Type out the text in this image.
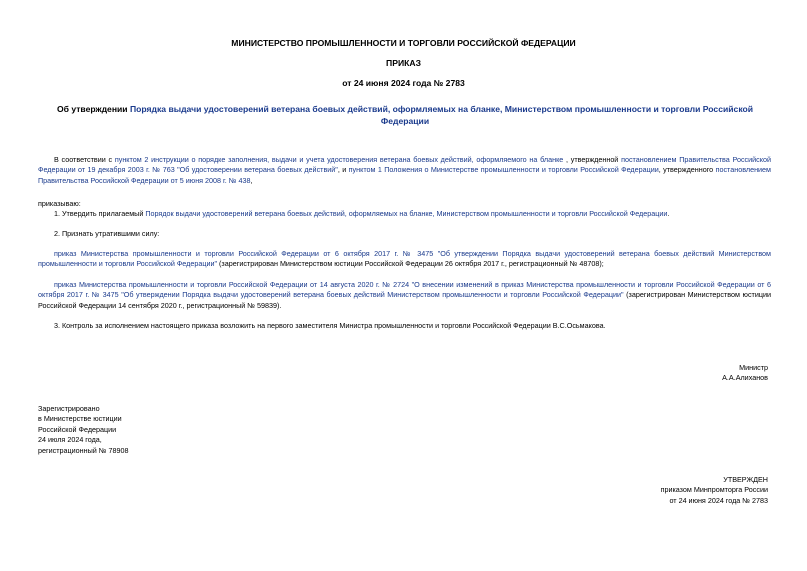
МИНИСТЕРСТВО ПРОМЫШЛЕННОСТИ И ТОРГОВЛИ РОССИЙСКОЙ ФЕДЕРАЦИИ
ПРИКАЗ
от 24 июня 2024 года № 2783
Об утверждении Порядка выдачи удостоверений ветерана боевых действий, оформляемых на бланке, Министерством промышленности и торговли Российской Федерации
В соответствии с пунктом 2 инструкции о порядке заполнения, выдачи и учета удостоверения ветерана боевых действий, оформляемого на бланке , утвержденной постановлением Правительства Российской Федерации от 19 декабря 2003 г. № 763 "Об удостоверении ветерана боевых действий", и пунктом 1 Положения о Министерстве промышленности и торговли Российской Федерации, утвержденного постановлением Правительства Российской Федерации от 5 июня 2008 г. № 438,
приказываю:
1. Утвердить прилагаемый Порядок выдачи удостоверений ветерана боевых действий, оформляемых на бланке, Министерством промышленности и торговли Российской Федерации.
2. Признать утратившими силу:
приказ Министерства промышленности и торговли Российской Федерации от 6 октября 2017 г. № 3475 "Об утверждении Порядка выдачи удостоверений ветерана боевых действий Министерством промышленности и торговли Российской Федерации" (зарегистрирован Министерством юстиции Российской Федерации 26 октября 2017 г., регистрационный № 48708);
приказ Министерства промышленности и торговли Российской Федерации от 14 августа 2020 г. № 2724 "О внесении изменений в приказ Министерства промышленности и торговли Российской Федерации от 6 октября 2017 г. № 3475 "Об утверждении Порядка выдачи удостоверений ветерана боевых действий Министерством промышленности и торговли Российской Федерации" (зарегистрирован Министерством юстиции Российской Федерации 14 сентября 2020 г., регистрационный № 59839).
3. Контроль за исполнением настоящего приказа возложить на первого заместителя Министра промышленности и торговли Российской Федерации В.С.Осьмакова.
Министр
А.А.Алиханов
Зарегистрировано
в Министерстве юстиции
Российской Федерации
24 июля 2024 года,
регистрационный № 78908
УТВЕРЖДЕН
приказом Минпромторга России
от 24 июня 2024 года № 2783
